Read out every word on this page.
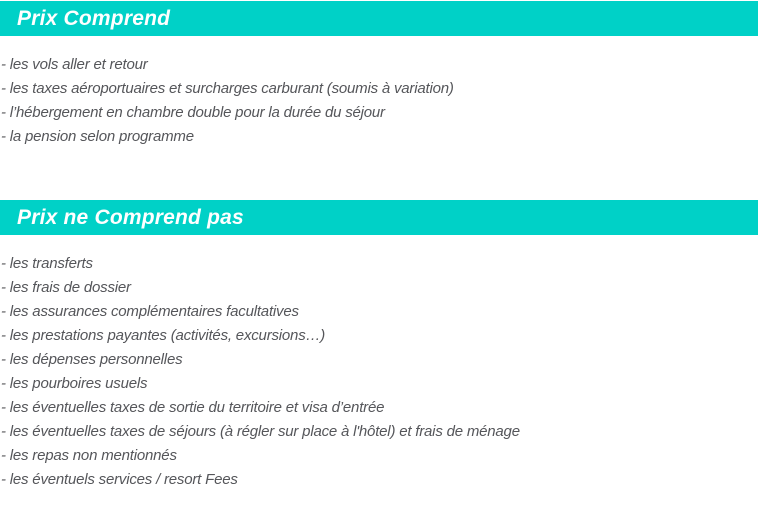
Prix Comprend
- les vols aller et retour
- les taxes aéroportuaires et surcharges carburant (soumis à variation)
- l’hébergement en chambre double pour la durée du séjour
- la pension selon programme
Prix ne Comprend pas
- les transferts
- les frais de dossier
- les assurances complémentaires facultatives
- les prestations payantes (activités, excursions…)
- les dépenses personnelles
- les pourboires usuels
- les éventuelles taxes de sortie du territoire et visa d’entrée
- les éventuelles taxes de séjours (à régler sur place à l'hôtel) et frais de ménage
- les repas non mentionnés
- les éventuels services / resort Fees
